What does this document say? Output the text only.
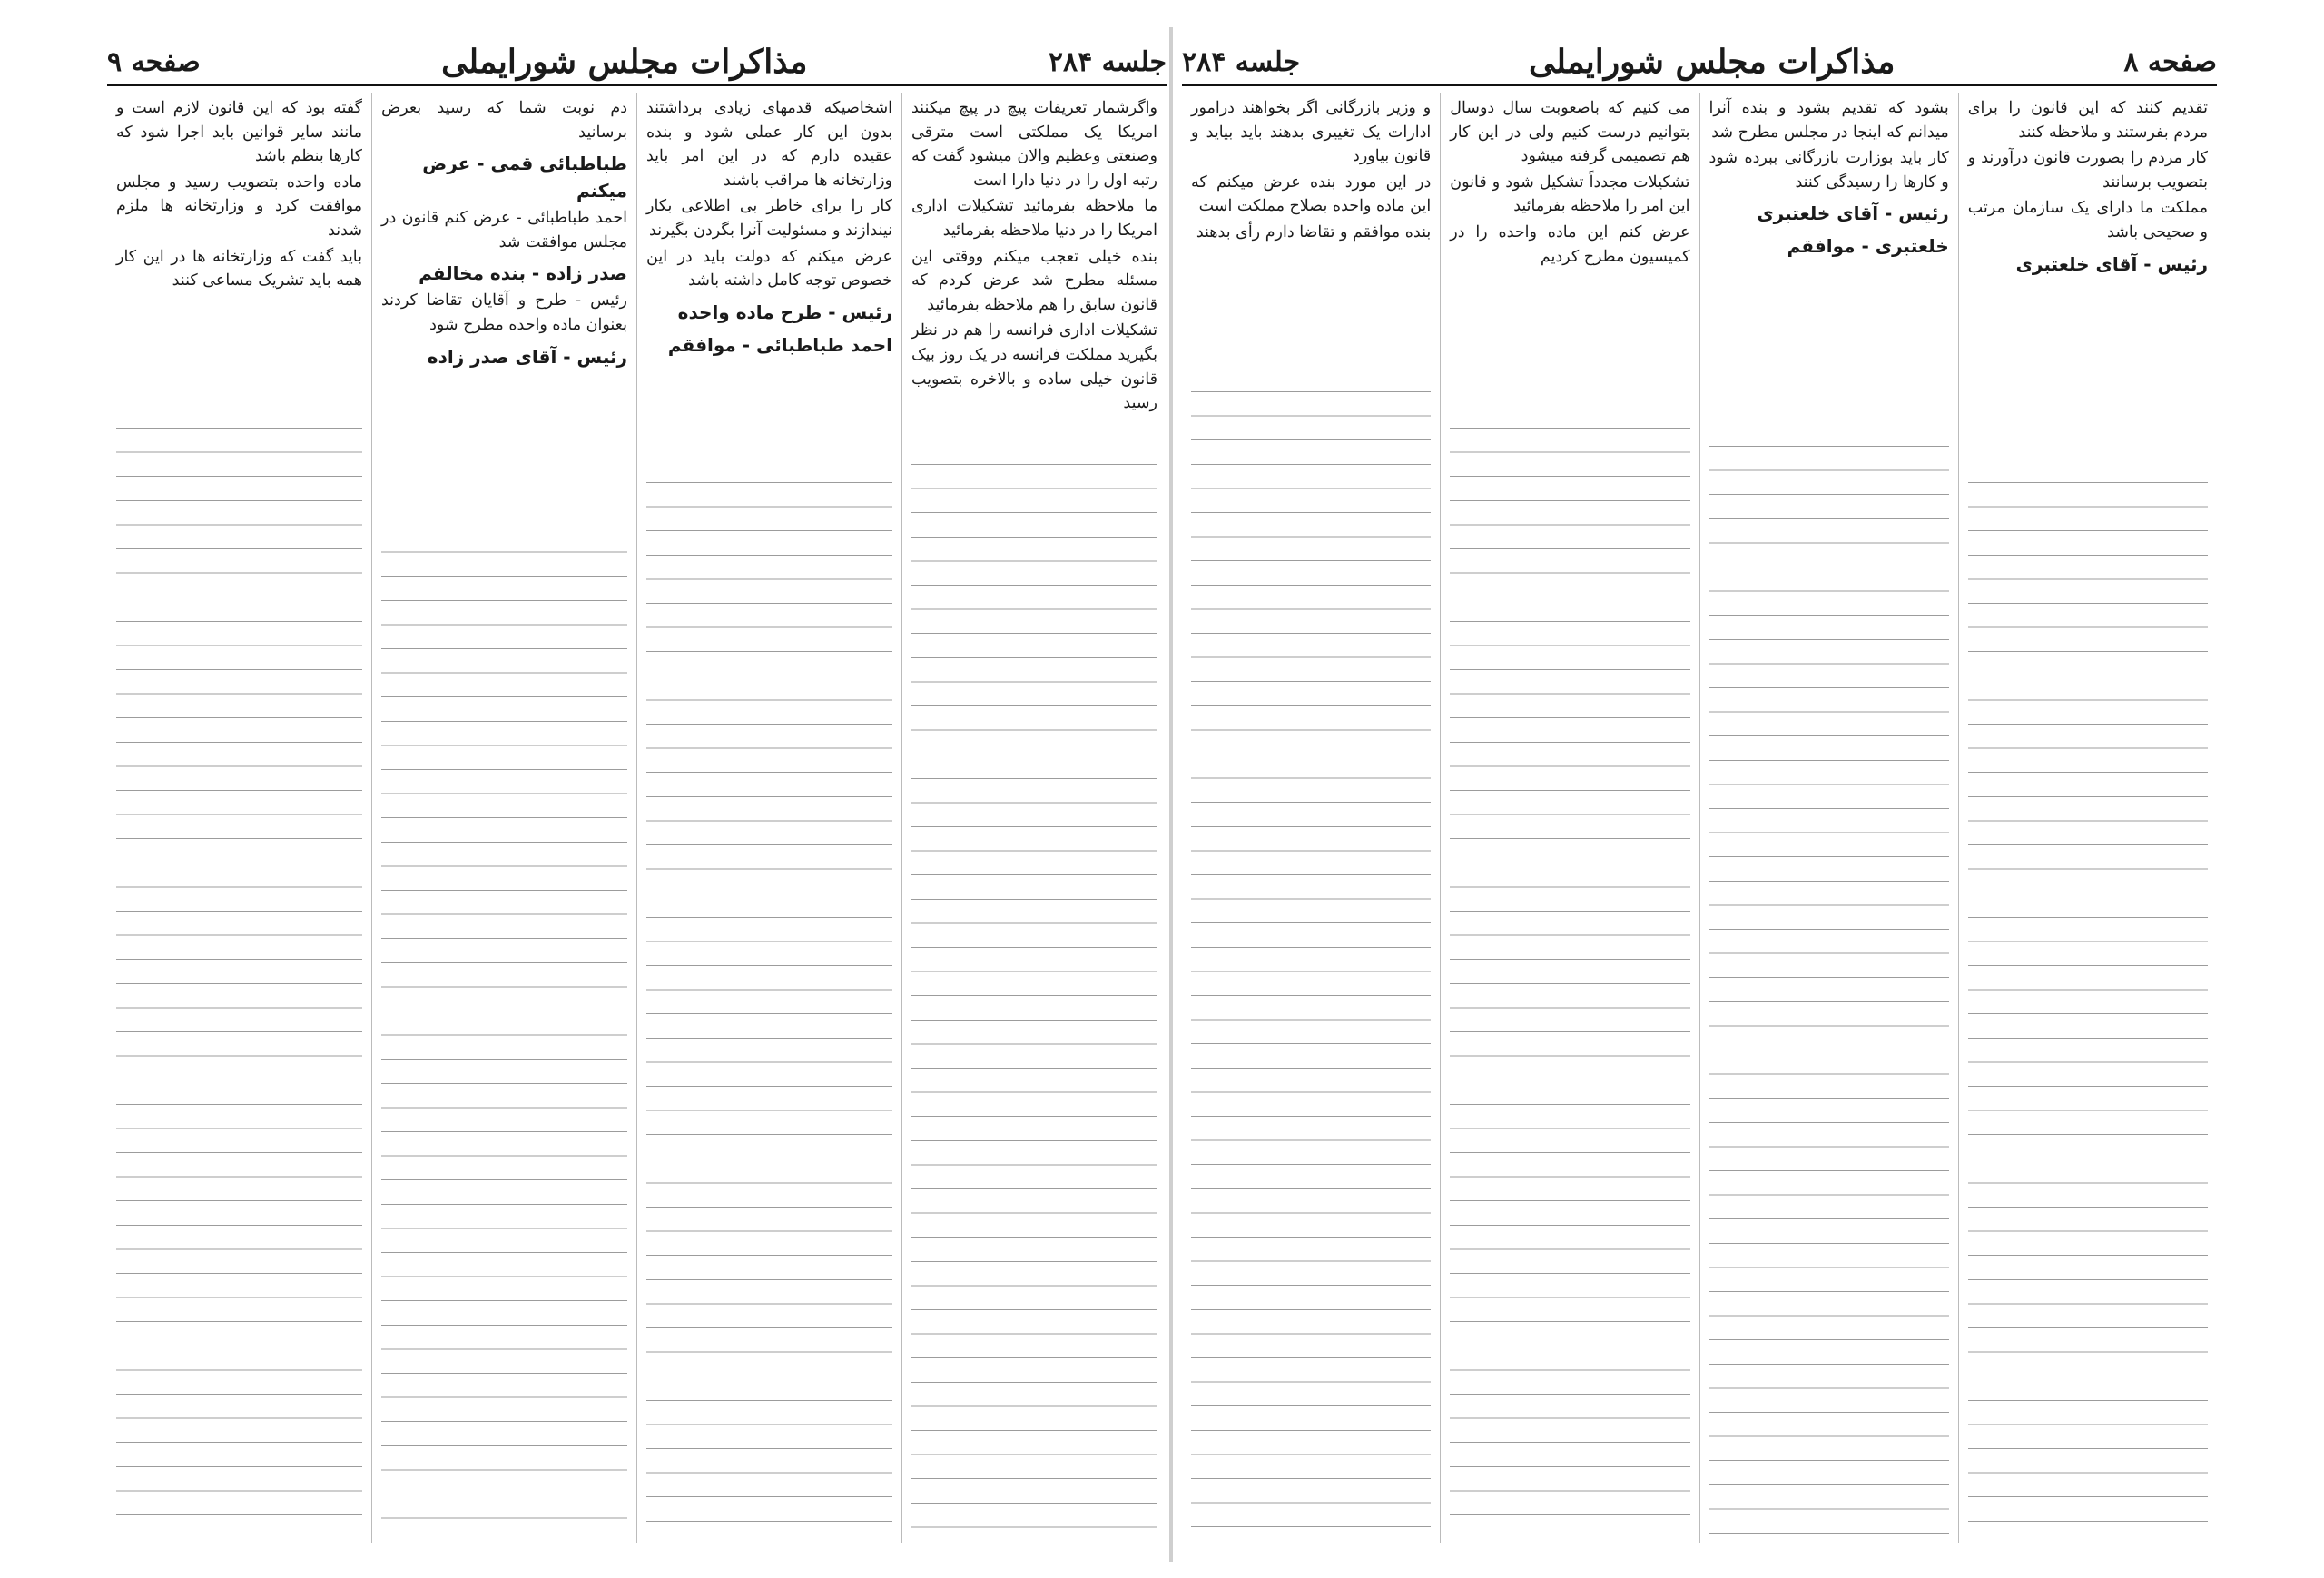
جلسه ۲۸۴
مذاکرات مجلس شورایملی
صفحه ۹

واگرشمار تعریفات پیچ در پیچ میکنند امریکا یک مملکتی است مترقی وصنعتی وعظیم والان میشود گفت که رتبه اول را در دنیا دارا است

ما ملاحظه بفرمائید تشکیلات اداری امریکا را در دنیا ملاحظه بفرمائید

بنده خیلی تعجب میکنم ووقتی این مسئله مطرح شد عرض کردم که قانون سابق را هم ملاحظه بفرمائید

تشکیلات اداری فرانسه را هم در نظر بگیرید مملکت فرانسه در یک روز بیک قانون خیلی ساده و بالاخره بتصویب رسید

اشخاصیکه قدمهای زیادی برداشتند بدون این کار عملی شود و بنده عقیده دارم که در این امر باید وزارتخانه ها مراقب باشند

کار را برای خاطر بی اطلاعی بکار نیندازند و مسئولیت آنرا بگردن بگیرند

عرض میکنم که دولت باید در این خصوص توجه کامل داشته باشد

رئیس - طرح ماده واحده
احمد طباطبائی - موافقم

دم نوبت شما که رسید بعرض برسانید

طباطبائی قمی - عرض میکنم

احمد طباطبائی - عرض کنم قانون در مجلس موافقت شد

صدر زاده - بنده مخالفم

رئیس - طرح و آقایان تقاضا کردند بعنوان ماده واحده مطرح شود

رئیس - آقای صدر زاده

گفته بود که این قانون لازم است و مانند سایر قوانین باید اجرا شود که کارها بنظم باشد

ماده واحده بتصویب رسید و مجلس موافقت کرد و وزارتخانه ها ملزم شدند

باید گفت که وزارتخانه ها در این کار همه باید تشریک مساعی کنند

صفحه ۸
مذاکرات مجلس شورایملی
جلسه ۲۸۴

تقدیم کنند که این قانون را برای مردم بفرستند و ملاحظه کنند

کار مردم را بصورت قانون درآورند و بتصویب برسانند

مملکت ما دارای یک سازمان مرتب و صحیحی باشد

رئیس - آقای خلعتبری

بشود که تقدیم بشود و بنده آنرا میدانم که اینجا در مجلس مطرح شد

کار باید بوزارت بازرگانی ببرده شود و کارها را رسیدگی کنند

رئیس - آقای خلعتبری
خلعتبری - موافقم

می کنیم که باصعوبت سال دوسال بتوانیم درست کنیم ولی در این کار هم تصمیمی گرفته میشود

تشکیلات مجدداً تشکیل شود و قانون این امر را ملاحظه بفرمائید

عرض کنم این ماده واحده را در کمیسیون مطرح کردیم

و وزیر بازرگانی اگر بخواهند درامور ادارات یک تغییری بدهند باید بیاید و قانون بیاورد

در این مورد بنده عرض میکنم که این ماده واحده بصلاح مملکت است

بنده موافقم و تقاضا دارم رأی بدهند
